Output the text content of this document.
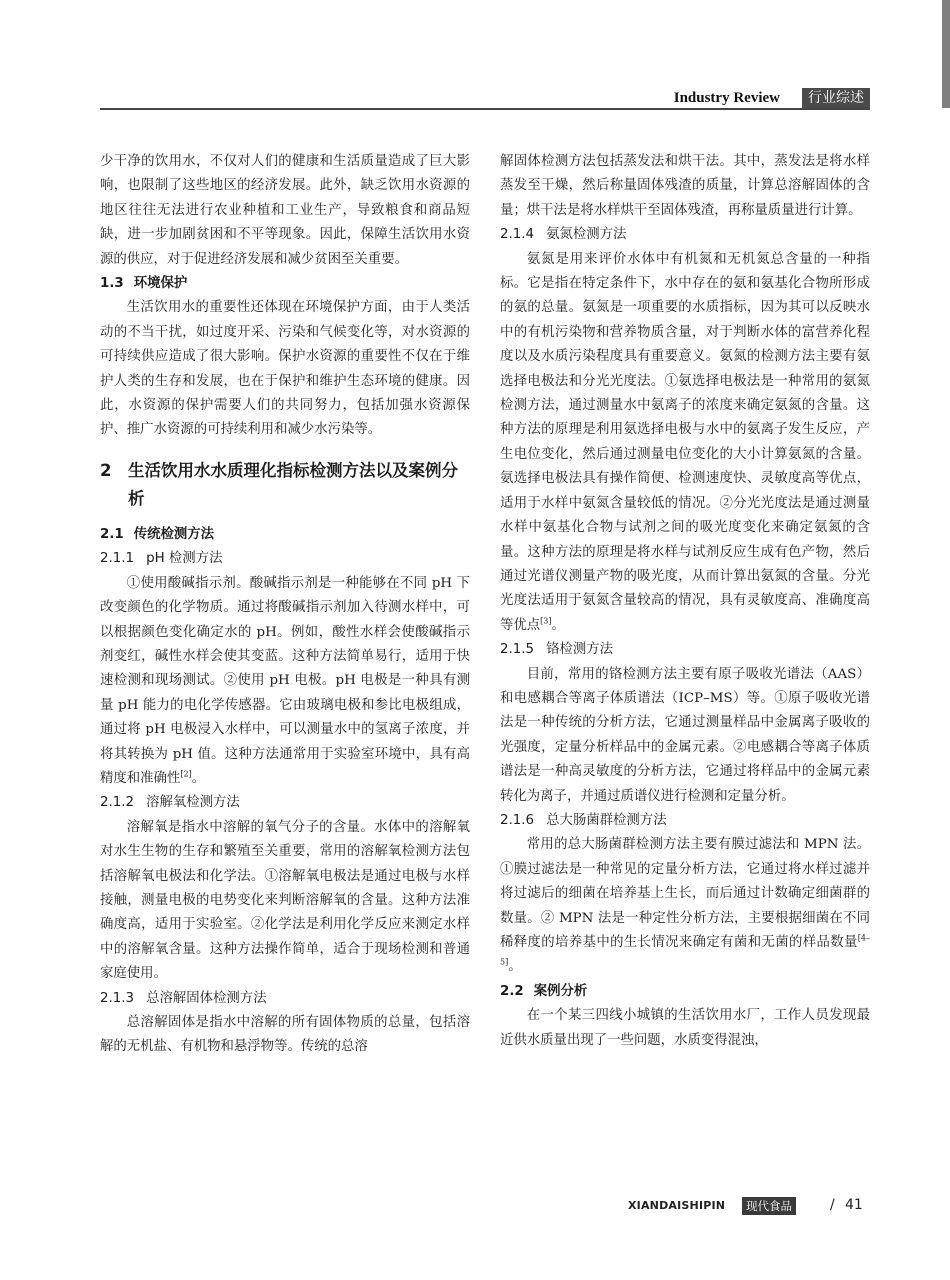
Industry Review	行业综述

少干净的饮用水，不仅对人们的健康和生活质量造成了巨大影响，也限制了这些地区的经济发展。此外，缺乏饮用水资源的地区往往无法进行农业种植和工业生产，导致粮食和商品短缺，进一步加剧贫困和不平等现象。因此，保障生活饮用水资源的供应，对于促进经济发展和减少贫困至关重要。

1.3 环境保护

生活饮用水的重要性还体现在环境保护方面，由于人类活动的不当干扰，如过度开采、污染和气候变化等，对水资源的可持续供应造成了很大影响。保护水资源的重要性不仅在于维护人类的生存和发展，也在于保护和维护生态环境的健康。因此，水资源的保护需要人们的共同努力，包括加强水资源保护、推广水资源的可持续利用和减少水污染等。

2	生活饮用水水质理化指标检测方法以及案例分析

2.1 传统检测方法

2.1.1 pH 检测方法

①使用酸碱指示剂。酸碱指示剂是一种能够在不同 pH 下改变颜色的化学物质。通过将酸碱指示剂加入待测水样中，可以根据颜色变化确定水的 pH。例如，酸性水样会使酸碱指示剂变红，碱性水样会使其变蓝。这种方法简单易行，适用于快速检测和现场测试。②使用 pH 电极。pH 电极是一种具有测量 pH 能力的电化学传感器。它由玻璃电极和参比电极组成，通过将 pH 电极浸入水样中，可以测量水中的氢离子浓度，并将其转换为 pH 值。这种方法通常用于实验室环境中，具有高精度和准确性[2]。

2.1.2 溶解氧检测方法

溶解氧是指水中溶解的氧气分子的含量。水体中的溶解氧对水生生物的生存和繁殖至关重要，常用的溶解氧检测方法包括溶解氧电极法和化学法。①溶解氧电极法是通过电极与水样接触，测量电极的电势变化来判断溶解氧的含量。这种方法准确度高，适用于实验室。②化学法是利用化学反应来测定水样中的溶解氧含量。这种方法操作简单，适合于现场检测和普通家庭使用。

2.1.3 总溶解固体检测方法

总溶解固体是指水中溶解的所有固体物质的总量，包括溶解的无机盐、有机物和悬浮物等。传统的总溶

解固体检测方法包括蒸发法和烘干法。其中，蒸发法是将水样蒸发至干燥，然后称量固体残渣的质量，计算总溶解固体的含量；烘干法是将水样烘干至固体残渣，再称量质量进行计算。

2.1.4 氨氮检测方法

氨氮是用来评价水体中有机氮和无机氮总含量的一种指标。它是指在特定条件下，水中存在的氨和氨基化合物所形成的氨的总量。氨氮是一项重要的水质指标，因为其可以反映水中的有机污染物和营养物质含量，对于判断水体的富营养化程度以及水质污染程度具有重要意义。氨氮的检测方法主要有氨选择电极法和分光光度法。①氨选择电极法是一种常用的氨氮检测方法，通过测量水中氨离子的浓度来确定氨氮的含量。这种方法的原理是利用氨选择电极与水中的氨离子发生反应，产生电位变化，然后通过测量电位变化的大小计算氨氮的含量。氨选择电极法具有操作简便、检测速度快、灵敏度高等优点，适用于水样中氨氮含量较低的情况。②分光光度法是通过测量水样中氨基化合物与试剂之间的吸光度变化来确定氨氮的含量。这种方法的原理是将水样与试剂反应生成有色产物，然后通过光谱仪测量产物的吸光度，从而计算出氨氮的含量。分光光度法适用于氨氮含量较高的情况，具有灵敏度高、准确度高等优点[3]。

2.1.5 铬检测方法

目前，常用的铬检测方法主要有原子吸收光谱法（AAS）和电感耦合等离子体质谱法（ICP–MS）等。①原子吸收光谱法是一种传统的分析方法，它通过测量样品中金属离子吸收的光强度，定量分析样品中的金属元素。②电感耦合等离子体质谱法是一种高灵敏度的分析方法，它通过将样品中的金属元素转化为离子，并通过质谱仪进行检测和定量分析。

2.1.6 总大肠菌群检测方法

常用的总大肠菌群检测方法主要有膜过滤法和 MPN 法。①膜过滤法是一种常见的定量分析方法，它通过将水样过滤并将过滤后的细菌在培养基上生长，而后通过计数确定细菌群的数量。② MPN 法是一种定性分析方法，主要根据细菌在不同稀释度的培养基中的生长情况来确定有菌和无菌的样品数量[4–5]。

2.2 案例分析

在一个某三四线小城镇的生活饮用水厂，工作人员发现最近供水质量出现了一些问题，水质变得混浊，

XIANDAISHIPIN	现代食品	/ 41
